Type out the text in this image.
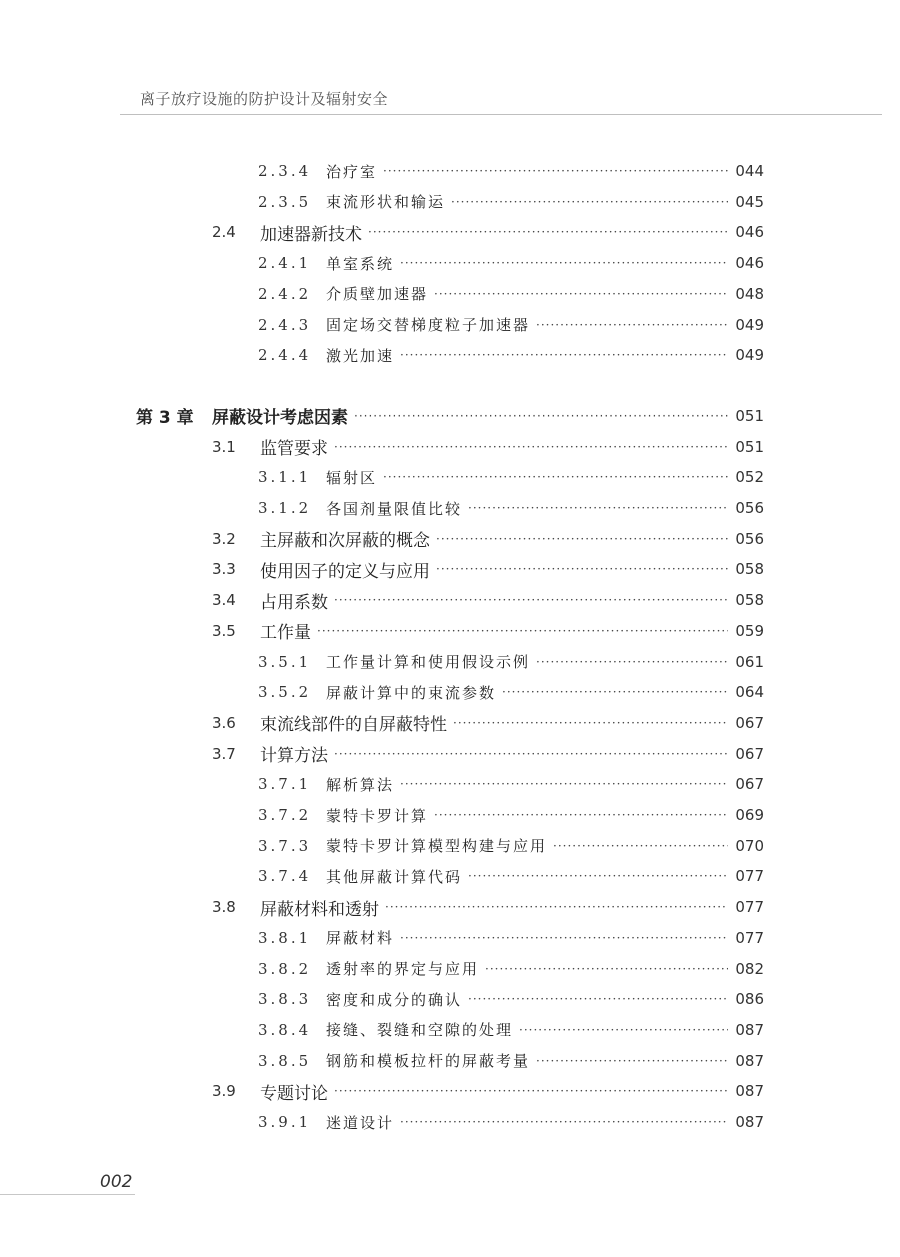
离子放疗设施的防护设计及辐射安全
2.3.4 治疗室 ·····	044
2.3.5 束流形状和输运 ·····	045
2.4	加速器新技术 ·····	046
2.4.1 单室系统 ·····	046
2.4.2 介质壁加速器 ·····	048
2.4.3 固定场交替梯度粒子加速器 ·····	049
2.4.4 激光加速 ·····	049
第 3 章	屏蔽设计考虑因素 ·····	051
3.1	监管要求 ·····	051
3.1.1 辐射区 ·····	052
3.1.2 各国剂量限值比较 ·····	056
3.2	主屏蔽和次屏蔽的概念 ·····	056
3.3	使用因子的定义与应用 ·····	058
3.4	占用系数 ·····	058
3.5	工作量 ·····	059
3.5.1 工作量计算和使用假设示例 ·····	061
3.5.2 屏蔽计算中的束流参数 ·····	064
3.6	束流线部件的自屏蔽特性 ·····	067
3.7	计算方法 ·····	067
3.7.1 解析算法 ·····	067
3.7.2 蒙特卡罗计算 ·····	069
3.7.3 蒙特卡罗计算模型构建与应用 ·····	070
3.7.4 其他屏蔽计算代码 ·····	077
3.8	屏蔽材料和透射 ·····	077
3.8.1 屏蔽材料 ·····	077
3.8.2 透射率的界定与应用 ·····	082
3.8.3 密度和成分的确认 ·····	086
3.8.4 接缝、裂缝和空隙的处理 ·····	087
3.8.5 钢筋和模板拉杆的屏蔽考量 ·····	087
3.9	专题讨论 ·····	087
3.9.1 迷道设计 ·····	087
002
